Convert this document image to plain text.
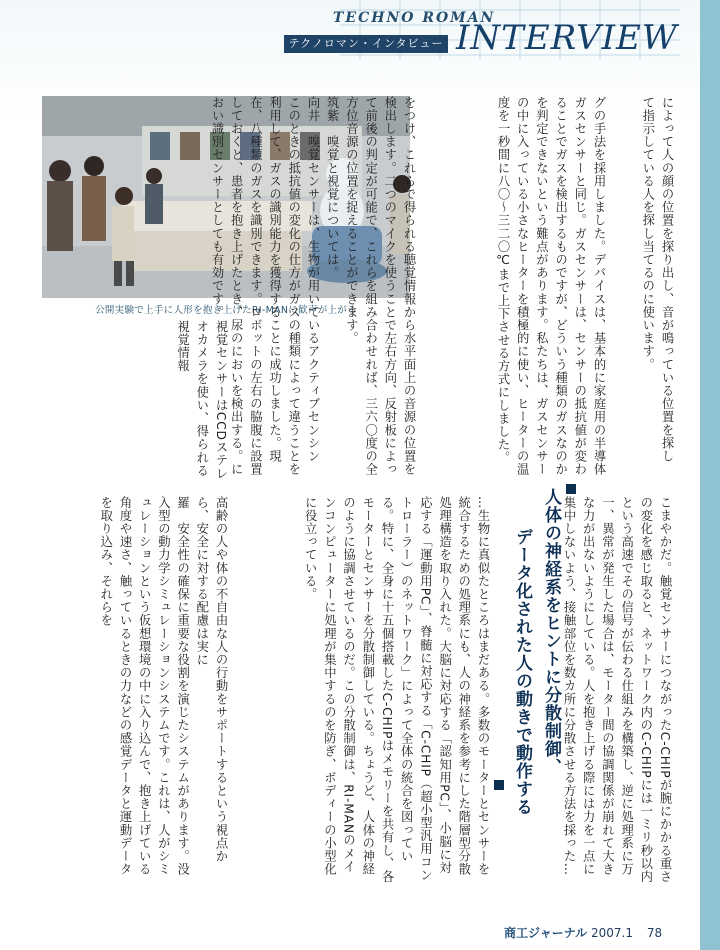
TECHNO ROMAN
テクノロマン・インタビュー INTERVIEW
公開実験で上手に人形を抱き上げたRI-MANに歓声が上がる	によって人の顔の位置を探り出し、音が鳴っている位置を探し

て指示している人を探し当てるのに使います。

グの手法を採用しました。デバイスは、基本的に家庭用の半導体ガスセンサーと同じ。ガスセンサーは、センサーの抵抗値が変わることでガスを検出するものですが、どういう種類のガスなのかを判定できないという難点があります。私たちは、ガスセンサーの中に入っている小さなヒーターを積極的に使い、ヒーターの温度を一秒間に八〇〜三二〇℃まで上下させる方式にしました。

をつけ、これらで得られる聴覚情報から水平面上の音源の位置を検出します。二つのマイクを使うことで左右方向、反射板によって前後の判定が可能で、これらを組み合わせれば、三六〇度の全方位音源の位置を捉えることができます。

筑紫　嗅覚と視覚については。

向井　嗅覚センサーは、生物が用いているアクティブセンシン

このときの抵抗値の変化の仕方がガスの種類によって違うことを利用して、ガスの識別能力を獲得することに成功しました。現在、八種類のガスを識別できます。ロボットの左右の脇腹に設置しておくと、患者を抱き上げたとき、尿のにおいを検出する。におい識別センサーとしても有効です。

視覚センサーはCCDステレオカメラを使い、得られる視覚情報

人体の神経系をヒントに分散制御、
データ化された人の動きで動作する	こまやかだ。触覚センサーにつながったC-CHIPが腕にかかる重さの変化を感じ取ると、ネットワーク内のC-CHIPには一ミリ秒以内という高速でその信号が伝わる仕組みを構築し、逆に処理系に万一、異常が発生した場合は、モーター間の協調関係が崩れて大きな力が出ないようにしている。人を抱き上げる際には力を一点に集中しないよう、接触部位を数カ所に分散させる方法を採った…

…生物に真似たところはまだある。多数のモーターとセンサーを統合するための処理系にも、人の神経系を参考にした階層型分散処理構造を取り入れた。大脳に対応する「認知用PC」、小脳に対応する「運動用PC」、脊髄に対応する「C-CHIP（超小型汎用コントローラー）のネットワーク」によって全体の統合を図っている。特に、全身に十五個搭載したC-CHIPはメモリーを共有し、各モーターとセンサーを分散制御している。ちょうど、人体の神経のように協調させているのだ。この分散制御は、RI-MANのメインコンピューターに処理が集中するのを防ぎ、ボディーの小型化に役立っている。

高齢の人や体の不自由な人の行動をサポートするという視点から、安全に対する配慮は実に

羅　安全性の確保に重要な役割を演じたシステムがあります。没入型の動力学シミュレーションシステムです。これは、人がシミュレーションという仮想環境の中に入り込んで、抱き上げている角度や速さ、触っているときの力などの感覚データと運動データを取り込み、それらを

商工ジャーナル 2007.1 78
